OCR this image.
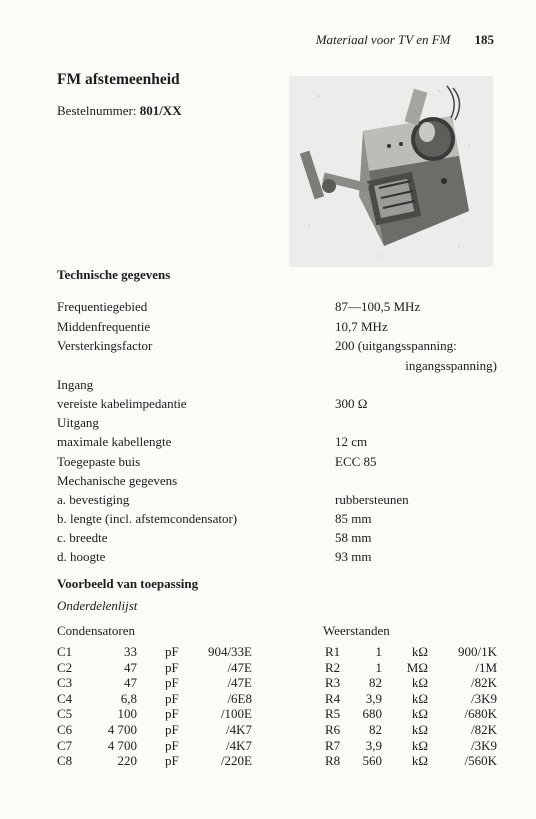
Materiaal voor TV en FM 185
FM afstemeenheid
Bestelnummer: 801/XX
Technische gegevens
Frequentiegebied	87—100,5 MHz
Middenfrequentie	10,7 MHz
Versterkingsfactor	200 (uitgangsspanning:
ingangsspanning)
Ingang
vereiste kabelimpedantie	300 Ω
Uitgang
maximale kabellengte	12 cm
Toegepaste buis	ECC 85
Mechanische gegevens
a. bevestiging	rubbersteunen
b. lengte (incl. afstemcondensator)	85 mm
c. breedte	58 mm
d. hoogte	93 mm
Voorbeeld van toepassing
Onderdelenlijst
Condensatoren	Weerstanden
C1	33 pF 904/33E
C2	47 pF	/47E
C3	47 pF	/47E
C4	6,8 pF	/6E8
C5	100 pF	/100E
C6	4 700 pF	/4K7
C7	4 700 pF	/4K7
C8	220 pF	/220E
R1	1 kΩ 900/1K
R2	1 MΩ	/1M
R3 82 kΩ	/82K
R4 3,9 kΩ	/3K9
R5 680 kΩ	/680K
R6 82 kΩ	/82K
R7 3,9 kΩ	/3K9
R8 560 kΩ	/560K
